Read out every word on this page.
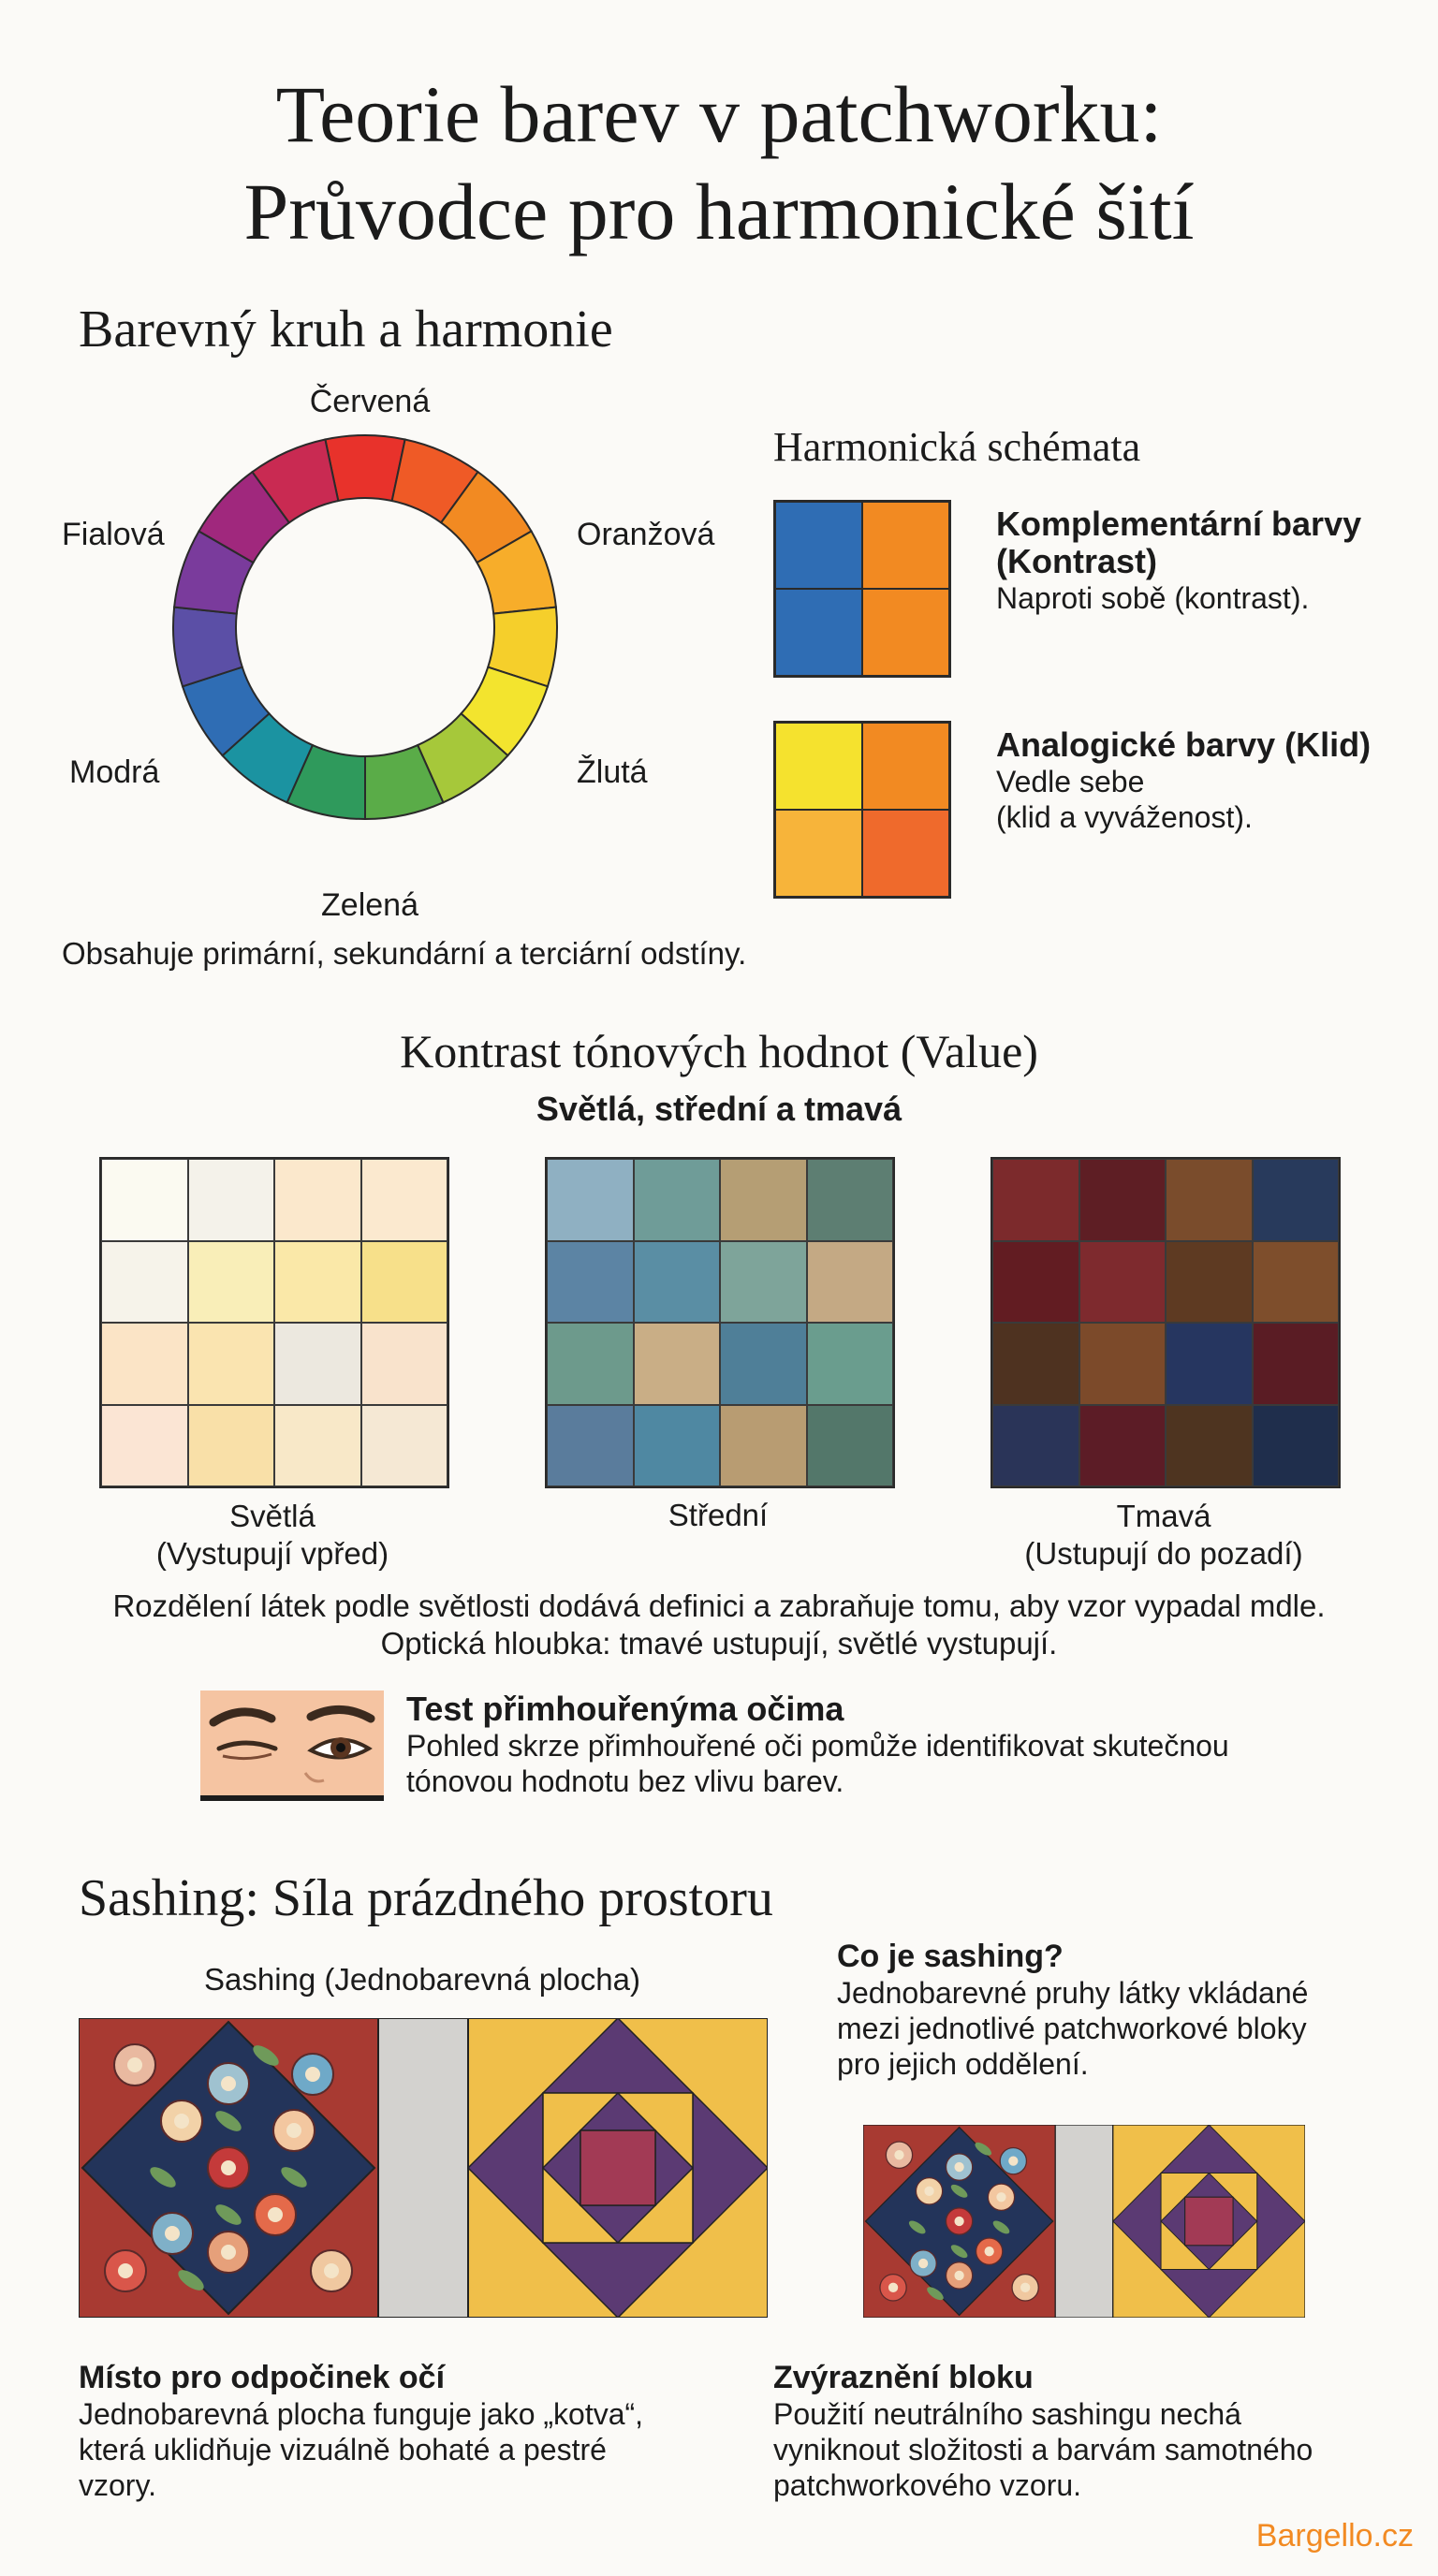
Teorie barev v patchworku:
Průvodce pro harmonické šití
Barevný kruh a harmonie
Červená
Oranžová
Žlutá
Zelená
Modrá
Fialová
Obsahuje primární, sekundární a terciární odstíny.
Harmonická schémata
Komplementární barvy (Kontrast)
Naproti sobě (kontrast).
Analogické barvy (Klid)
Vedle sebe
(klid a vyváženost).
Kontrast tónových hodnot (Value)
Světlá, střední a tmavá
Světlá
(Vystupují vpřed)
Střední	Tmavá
(Ustupují do pozadí)
Rozdělení látek podle světlosti dodává definici a zabraňuje tomu, aby vzor vypadal mdle.
Optická hloubka: tmavé ustupují, světlé vystupují.
Test přimhouřenýma očima
Pohled skrze přimhouřené oči pomůže identifikovat skutečnou
tónovou hodnotu bez vlivu barev.
Sashing: Síla prázdného prostoru
Sashing (Jednobarevná plocha)
Co je sashing?
Jednobarevné pruhy látky vkládané
mezi jednotlivé patchworkové bloky
pro jejich oddělení.
Místo pro odpočinek očí
Jednobarevná plocha funguje jako „kotva“,
která uklidňuje vizuálně bohaté a pestré
vzory.
Zvýraznění bloku
Použití neutrálního sashingu nechá
vyniknout složitosti a barvám samotného
patchworkového vzoru.
Bargello.cz
